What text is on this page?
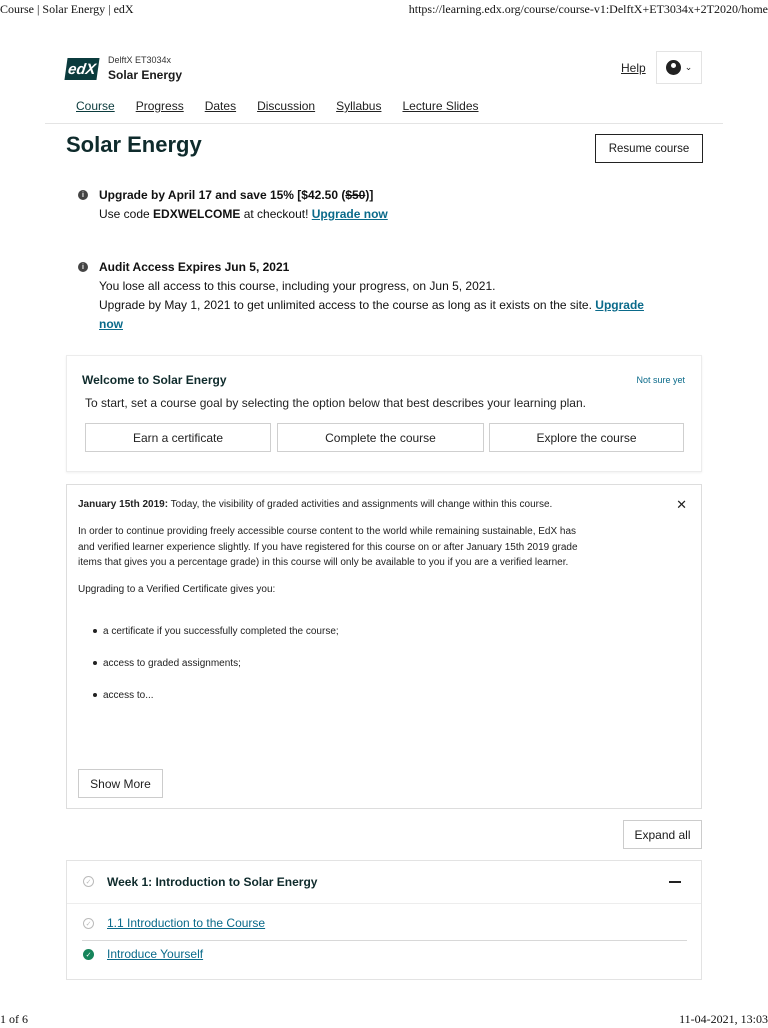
Course | Solar Energy | edX	https://learning.edx.org/course/course-v1:DelftX+ET3034x+2T2020/home
edX
DelftX ET3034x
Solar Energy	Help	⌄
Course Progress Dates Discussion Syllabus Lecture Slides
Solar Energy	Resume course
i	Upgrade by April 17 and save 15% [$42.50 ($50)]
Use code EDXWELCOME at checkout! Upgrade now
i	Audit Access Expires Jun 5, 2021
You lose all access to this course, including your progress, on Jun 5, 2021.
Upgrade by May 1, 2021 to get unlimited access to the course as long as it exists on the site. Upgrade
now
Welcome to Solar Energy	Not sure yet
To start, set a course goal by selecting the option below that best describes your learning plan.
Earn a certificate	Complete the course	Explore the course
✕
January 15th 2019: Today, the visibility of graded activities and assignments will change within this course.
In order to continue providing freely accessible course content to the world while remaining sustainable, EdX has
and verified learner experience slightly. If you have registered for this course on or after January 15th 2019 grade
items that gives you a percentage grade) in this course will only be available to you if you are a verified learner.
Upgrading to a Verified Certificate gives you:
a certificate if you successfully completed the course;
access to graded assignments;
access to...
Show More
Expand all
✓ Week 1: Introduction to Solar Energy
✓ 1.1 Introduction to the Course
✓ Introduce Yourself
1 of 6	11-04-2021, 13:03
